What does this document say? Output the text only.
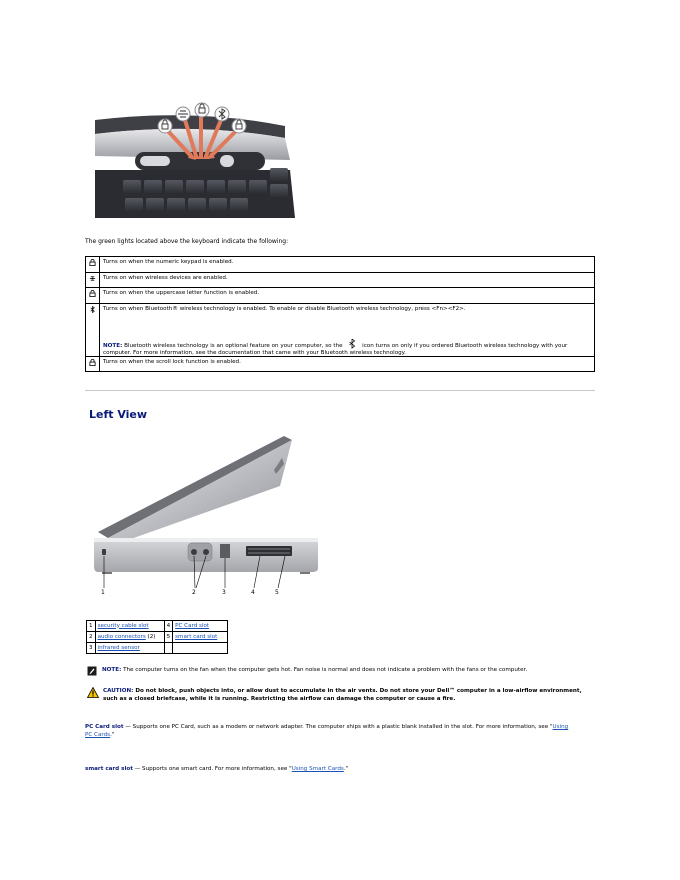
The green lights located above the keyboard indicate the following:
	Turns on when the numeric keypad is enabled.
	Turns on when wireless devices are enabled.
	Turns on when the uppercase letter function is enabled.

Turns on when Bluetooth® wireless technology is enabled. To enable or disable Bluetooth wireless technology, press <Fn><F2>.
NOTE: Bluetooth wireless technology is an optional feature on your computer, so the icon turns on only if you ordered Bluetooth wireless technology with your computer. For more information, see the documentation that came with your Bluetooth wireless technology.

	Turns on when the scroll lock function is enabled.
Left View
1	2	3	4	5
1	security cable slot	4	PC Card slot
2	audio connectors (2)	5	smart card slot
3	infrared sensor		
NOTE: The computer turns on the fan when the computer gets hot. Fan noise is normal and does not indicate a problem with the fans or the computer.
CAUTION: Do not block, push objects into, or allow dust to accumulate in the air vents. Do not store your Dell™ computer in a low-airflow environment, such as a closed briefcase, while it is running. Restricting the airflow can damage the computer or cause a fire.
PC Card slot — Supports one PC Card, such as a modem or network adapter. The computer ships with a plastic blank installed in the slot. For more information, see "Using PC Cards."
smart card slot — Supports one smart card. For more information, see "Using Smart Cards."
